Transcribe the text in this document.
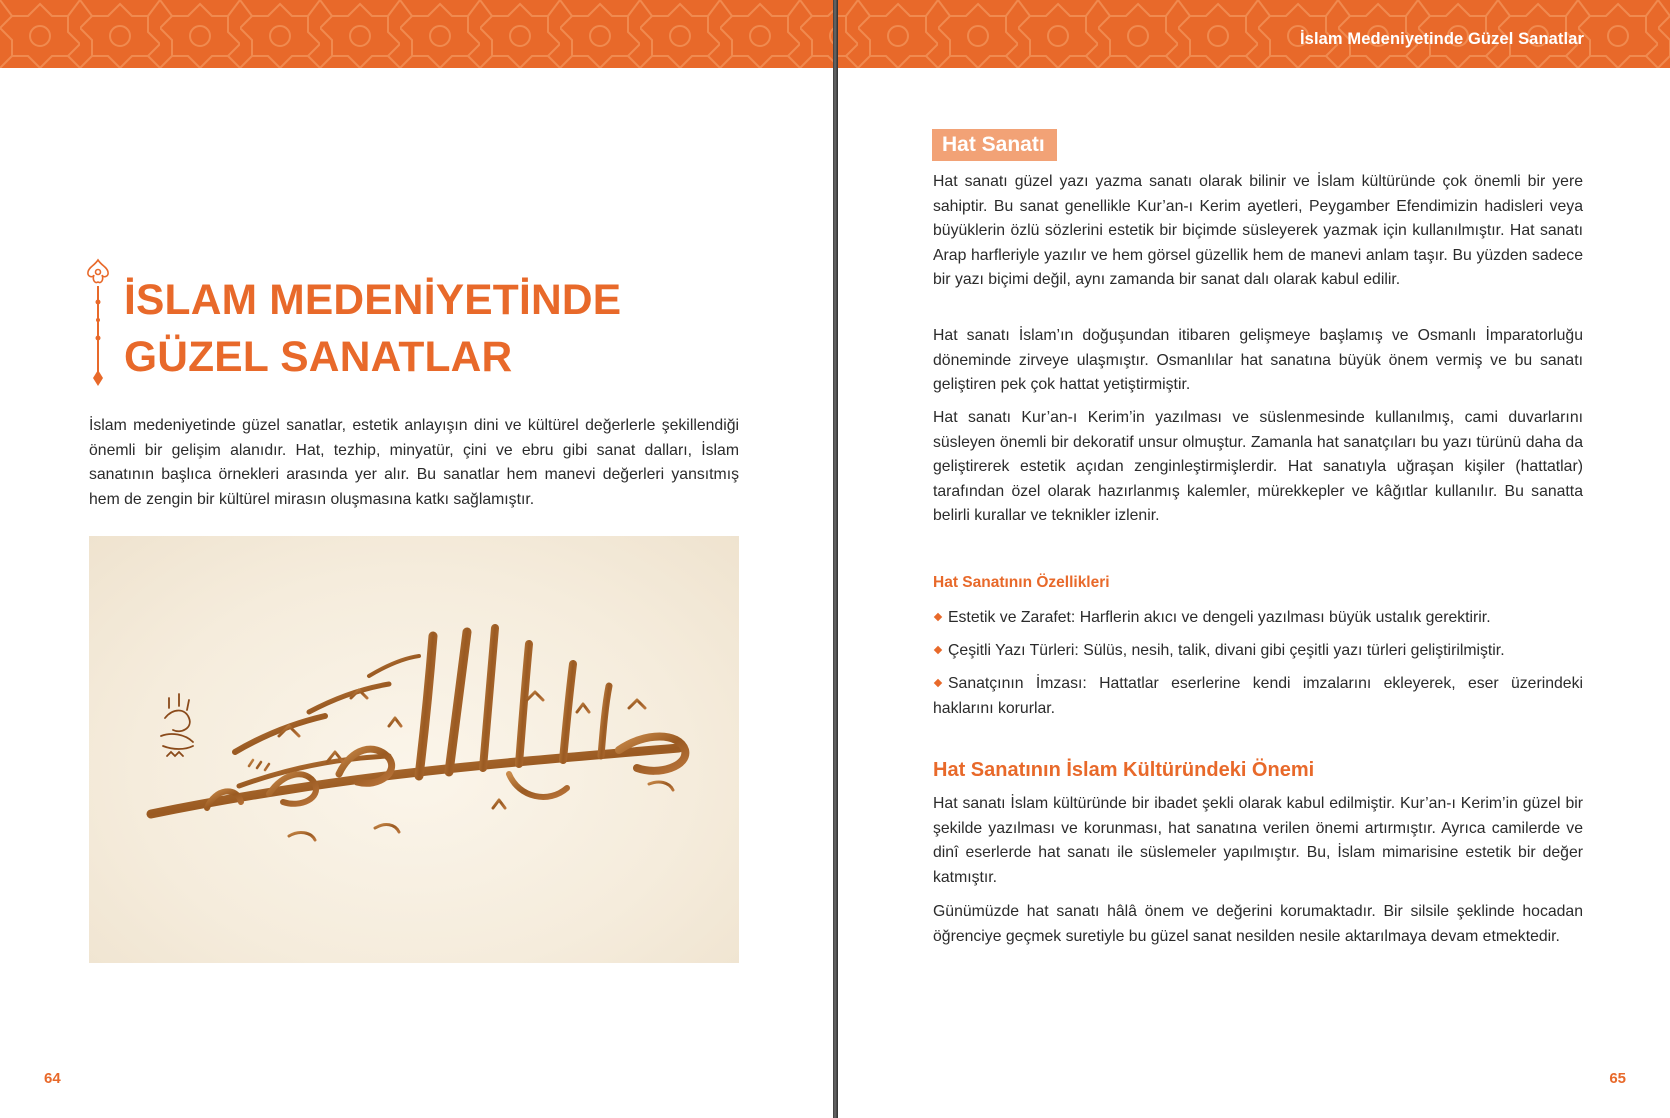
İSLAM MEDENİYETİNDE
GÜZEL SANATLAR

İslam medeniyetinde güzel sanatlar, estetik anlayışın dini ve kültürel değerlerle şekillendiği önemli bir gelişim alanıdır. Hat, tezhip, minyatür, çini ve ebru gibi sanat dalları, İslam sanatının başlıca örnekleri arasında yer alır. Bu sanatlar hem manevi değerleri yansıtmış hem de zengin bir kültürel mirasın oluşmasına katkı sağlamıştır.

64
İslam Medeniyetinde Güzel Sanatlar
Hat Sanatı

Hat sanatı güzel yazı yazma sanatı olarak bilinir ve İslam kültüründe çok önemli bir yere sahiptir. Bu sanat genellikle Kur’an-ı Kerim ayetleri, Peygamber Efendimizin hadisleri veya büyüklerin özlü sözlerini estetik bir biçimde süsleyerek yazmak için kullanılmıştır. Hat sanatı Arap harfleriyle yazılır ve hem görsel güzellik hem de manevi anlam taşır. Bu yüzden sadece bir yazı biçimi değil, aynı zamanda bir sanat dalı olarak kabul edilir.

Hat sanatı İslam’ın doğuşundan itibaren gelişmeye başlamış ve Osmanlı İmparatorluğu döneminde zirveye ulaşmıştır. Osmanlılar hat sanatına büyük önem vermiş ve bu sanatı geliştiren pek çok hattat yetiştirmiştir.

Hat sanatı Kur’an-ı Kerim’in yazılması ve süslenmesinde kullanılmış, cami duvarlarını süsleyen önemli bir dekoratif unsur olmuştur. Zamanla hat sanatçıları bu yazı türünü daha da geliştirerek estetik açıdan zenginleştirmişlerdir. Hat sanatıyla uğraşan kişiler (hattatlar) tarafından özel olarak hazırlanmış kalemler, mürekkepler ve kâğıtlar kullanılır. Bu sanatta belirli kurallar ve teknikler izlenir.

Hat Sanatının Özellikleri
Estetik ve Zarafet: Harflerin akıcı ve dengeli yazılması büyük ustalık gerektirir.
Çeşitli Yazı Türleri: Sülüs, nesih, talik, divani gibi çeşitli yazı türleri geliştirilmiştir.
Sanatçının İmzası: Hattatlar eserlerine kendi imzalarını ekleyerek, eser üzerindeki haklarını korurlar.
Hat Sanatının İslam Kültüründeki Önemi

Hat sanatı İslam kültüründe bir ibadet şekli olarak kabul edilmiştir. Kur’an-ı Kerim’in güzel bir şekilde yazılması ve korunması, hat sanatına verilen önemi artırmıştır. Ayrıca camilerde ve dinî eserlerde hat sanatı ile süslemeler yapılmıştır. Bu, İslam mimarisine estetik bir değer katmıştır.

Günümüzde hat sanatı hâlâ önem ve değerini korumaktadır. Bir silsile şeklinde hocadan öğrenciye geçmek suretiyle bu güzel sanat nesilden nesile aktarılmaya devam etmektedir.

65
